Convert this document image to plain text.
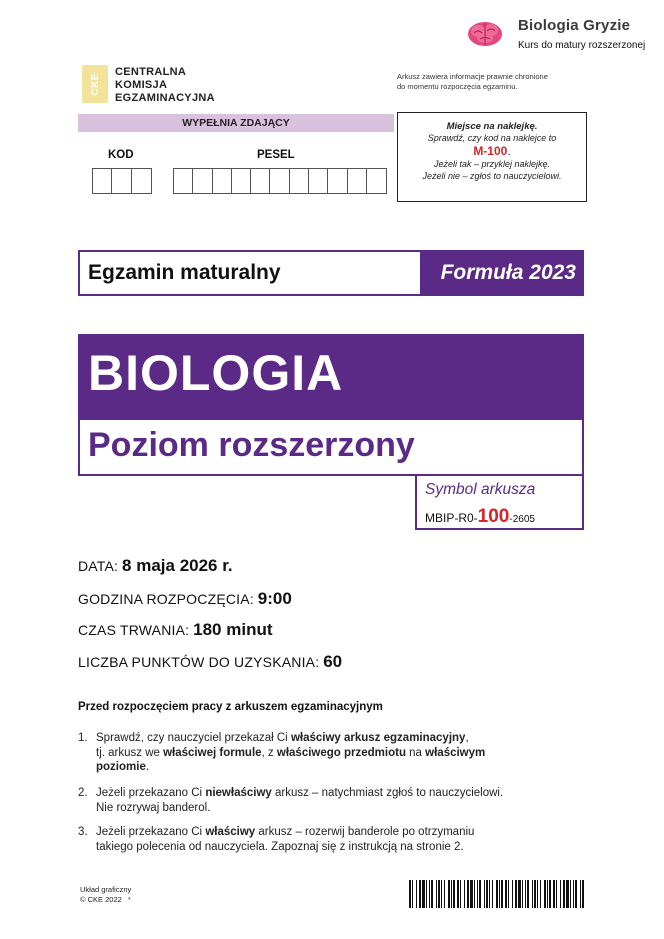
Biologia Gryzie
Kurs do matury rozszerzonej
CKE
CENTRALNA
KOMISJA
EGZAMINACYJNA
Arkusz zawiera informacje prawnie chronione
do momentu rozpoczęcia egzaminu.
WYPEŁNIA ZDAJĄCY
KOD	PESEL
Miejsce na naklejkę.
Sprawdź, czy kod na naklejce to
M-100.
Jeżeli tak – przyklej naklejkę.
Jeżeli nie – zgłoś to nauczycielowi.
Egzamin maturalny	Formuła 2023
BIOLOGIA
Poziom rozszerzony
Symbol arkusza
MBIP-R0-100-2605
DATA: 8 maja 2026 r.
GODZINA ROZPOCZĘCIA: 9:00
CZAS TRWANIA: 180 minut
LICZBA PUNKTÓW DO UZYSKANIA: 60
Przed rozpoczęciem pracy z arkuszem egzaminacyjnym
1. Sprawdź, czy nauczyciel przekazał Ci właściwy arkusz egzaminacyjny,
tj. arkusz we właściwej formule, z właściwego przedmiotu na właściwym
poziomie.
2. Jeżeli przekazano Ci niewłaściwy arkusz – natychmiast zgłoś to nauczycielowi.
Nie rozrywaj banderol.
3. Jeżeli przekazano Ci właściwy arkusz – rozerwij banderole po otrzymaniu
takiego polecenia od nauczyciela. Zapoznaj się z instrukcją na stronie 2.
Układ graficzny
© CKE 2022 *
